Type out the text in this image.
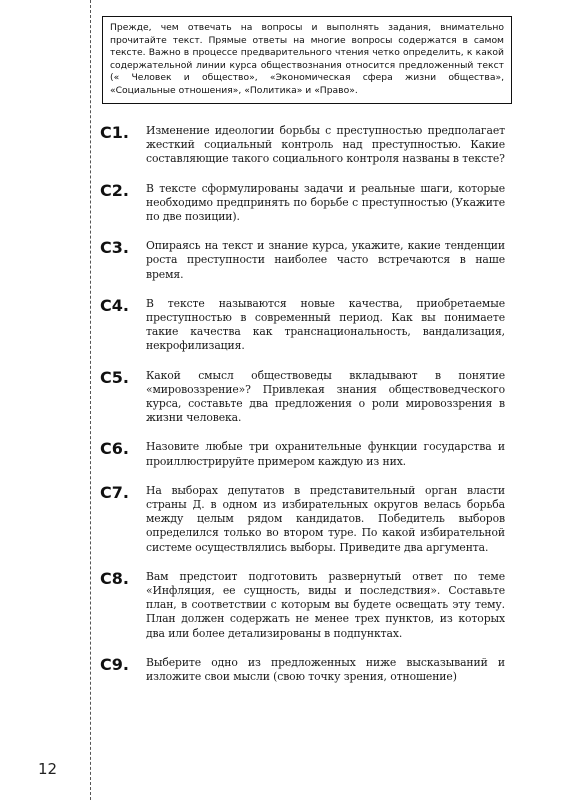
Прежде, чем отвечать на вопросы и выполнять задания, внимательно прочитайте текст. Прямые ответы на многие вопросы содержатся в самом тексте. Важно в процессе предварительного чтения четко определить, к какой содержательной линии курса обществознания относится предложенный текст (« Человек и общество», «Экономическая сфера жизни общества», «Социальные отношения», «Политика» и «Право».
C1.	Изменение идеологии борьбы с преступностью предполагает жесткий социальный контроль над преступностью. Какие составляющие такого социального контроля названы в тексте?
C2.	В тексте сформулированы задачи и реальные шаги, которые необходимо предпринять по борьбе с преступностью (Укажите по две позиции).
C3.	Опираясь на текст и знание курса, укажите, какие тенденции роста преступности наиболее часто встречаются в наше время.
C4.	В тексте называются новые качества, приобретаемые преступностью в современный период. Как вы понимаете такие качества как транснациональность, вандализация, некрофилизация.
C5.	Какой смысл обществоведы вкладывают в понятие «мировоззрение»? Привлекая знания обществоведческого курса, составьте два предложения о роли мировоззрения в жизни человека.
C6.	Назовите любые три охранительные функции государства и проиллюстрируйте примером каждую из них.
C7.	На выборах депутатов в представительный орган власти страны Д. в одном из избирательных округов велась борьба между целым рядом кандидатов. Победитель выборов определился только во втором туре. По какой избирательной системе осуществлялись выборы. Приведите два аргумента.
C8.	Вам предстоит подготовить развернутый ответ по теме «Инфляция, ее сущность, виды и последствия». Составьте план, в соответствии с которым вы будете освещать эту тему. План должен содержать не менее трех пунктов, из которых два или более детализированы в подпунктах.
C9.	Выберите одно из предложенных ниже высказываний и изложите свои мысли (свою точку зрения, отношение)
12
